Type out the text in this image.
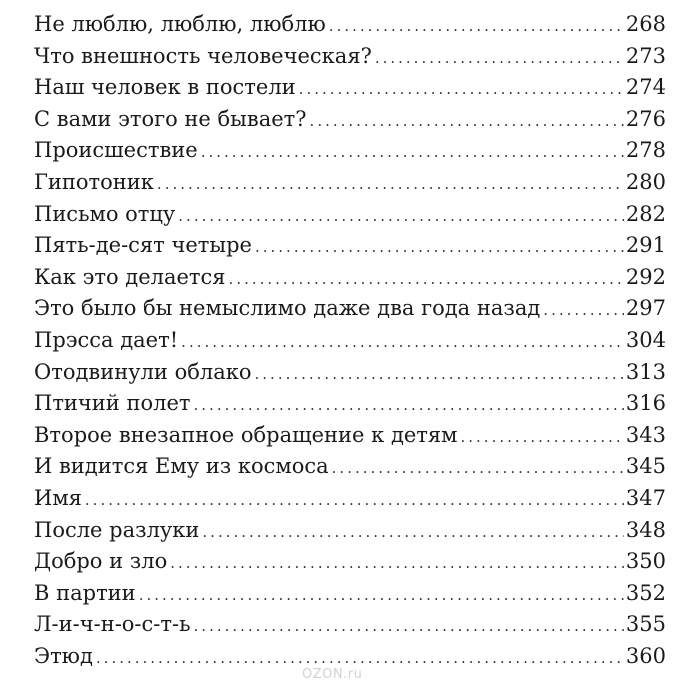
Не люблю, люблю, люблю .....	268
Что внешность человеческая? .....	273
Наш человек в постели .....	274
С вами этого не бывает? .....	276
Происшествие .....	278
Гипотоник .....	280
Письмо отцу .....	282
Пять-де-сят четыре .....	291
Как это делается .....	292
Это было бы немыслимо даже два года назад .....	297
Прэсса дает! .....	304
Отодвинули облако .....	313
Птичий полет .....	316
Второе внезапное обращение к детям .....	343
И видится Ему из космоса .....	345
Имя .....	347
После разлуки .....	348
Добро и зло .....	350
В партии .....	352
Л-и-ч-н-о-с-т-ь .....	355
Этюд .....	360
OZON.ru
